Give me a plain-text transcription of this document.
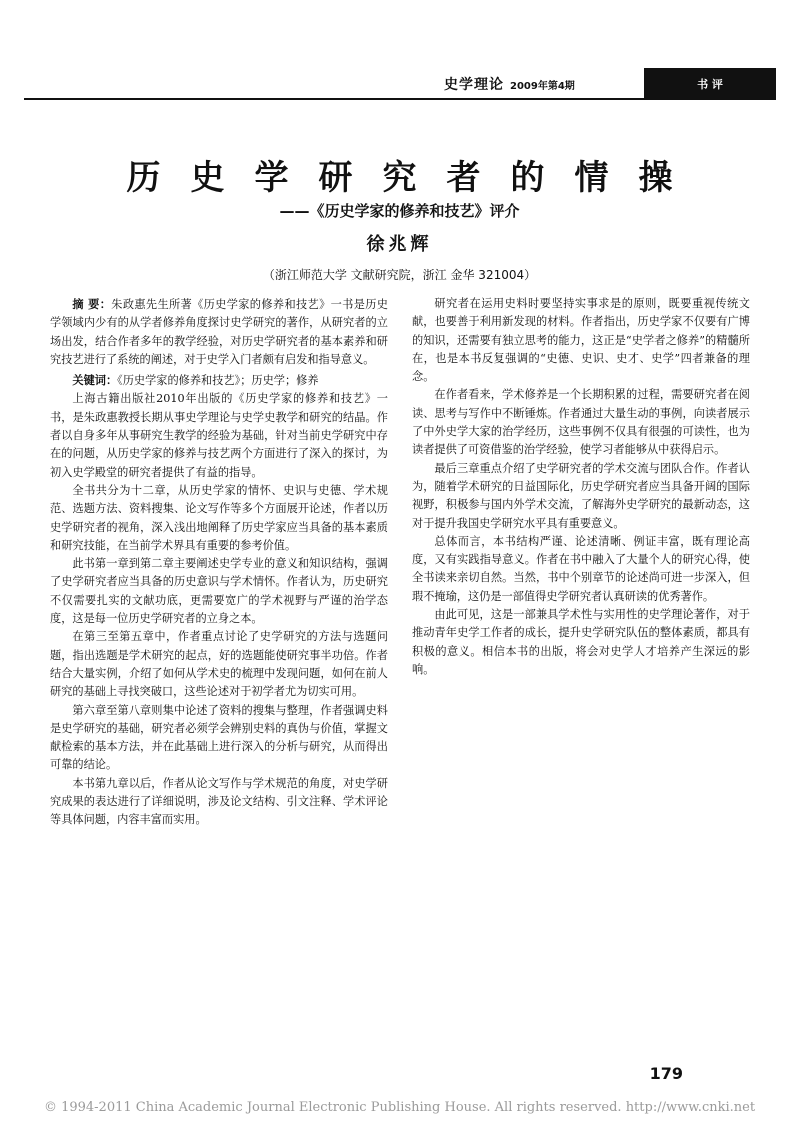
史学理论 2009年第4期	书 评
历史学研究者的情操
——《历史学家的修养和技艺》评介
徐兆辉
（浙江师范大学 文献研究院，浙江 金华 321004）

摘 要：朱政惠先生所著《历史学家的修养和技艺》一书是历史学领域内少有的从学者修养角度探讨史学研究的著作，从研究者的立场出发，结合作者多年的教学经验，对历史学研究者的基本素养和研究技艺进行了系统的阐述，对于史学入门者颇有启发和指导意义。

关键词：《历史学家的修养和技艺》；历史学；修养

上海古籍出版社2010年出版的《历史学家的修养和技艺》一书，是朱政惠教授长期从事史学理论与史学史教学和研究的结晶。作者以自身多年从事研究生教学的经验为基础，针对当前史学研究中存在的问题，从历史学家的修养与技艺两个方面进行了深入的探讨，为初入史学殿堂的研究者提供了有益的指导。

全书共分为十二章，从历史学家的情怀、史识与史德、学术规范、选题方法、资料搜集、论文写作等多个方面展开论述，作者以历史学研究者的视角，深入浅出地阐释了历史学家应当具备的基本素质和研究技能，在当前学术界具有重要的参考价值。

此书第一章到第二章主要阐述史学专业的意义和知识结构，强调了史学研究者应当具备的历史意识与学术情怀。作者认为，历史研究不仅需要扎实的文献功底，更需要宽广的学术视野与严谨的治学态度，这是每一位历史学研究者的立身之本。

在第三至第五章中，作者重点讨论了史学研究的方法与选题问题，指出选题是学术研究的起点，好的选题能使研究事半功倍。作者结合大量实例，介绍了如何从学术史的梳理中发现问题，如何在前人研究的基础上寻找突破口，这些论述对于初学者尤为切实可用。

第六章至第八章则集中论述了资料的搜集与整理，作者强调史料是史学研究的基础，研究者必须学会辨别史料的真伪与价值，掌握文献检索的基本方法，并在此基础上进行深入的分析与研究，从而得出可靠的结论。

本书第九章以后，作者从论文写作与学术规范的角度，对史学研究成果的表达进行了详细说明，涉及论文结构、引文注释、学术评论等具体问题，内容丰富而实用。

研究者在运用史料时要坚持实事求是的原则，既要重视传统文献，也要善于利用新发现的材料。作者指出，历史学家不仅要有广博的知识，还需要有独立思考的能力，这正是“史学者之修养”的精髓所在，也是本书反复强调的“史德、史识、史才、史学”四者兼备的理念。

在作者看来，学术修养是一个长期积累的过程，需要研究者在阅读、思考与写作中不断锤炼。作者通过大量生动的事例，向读者展示了中外史学大家的治学经历，这些事例不仅具有很强的可读性，也为读者提供了可资借鉴的治学经验，使学习者能够从中获得启示。

最后三章重点介绍了史学研究者的学术交流与团队合作。作者认为，随着学术研究的日益国际化，历史学研究者应当具备开阔的国际视野，积极参与国内外学术交流，了解海外史学研究的最新动态，这对于提升我国史学研究水平具有重要意义。

总体而言，本书结构严谨、论述清晰、例证丰富，既有理论高度，又有实践指导意义。作者在书中融入了大量个人的研究心得，使全书读来亲切自然。当然，书中个别章节的论述尚可进一步深入，但瑕不掩瑜，这仍是一部值得史学研究者认真研读的优秀著作。

由此可见，这是一部兼具学术性与实用性的史学理论著作，对于推动青年史学工作者的成长，提升史学研究队伍的整体素质，都具有积极的意义。相信本书的出版，将会对史学人才培养产生深远的影响。

179
© 1994-2011 China Academic Journal Electronic Publishing House. All rights reserved. http://www.cnki.net
